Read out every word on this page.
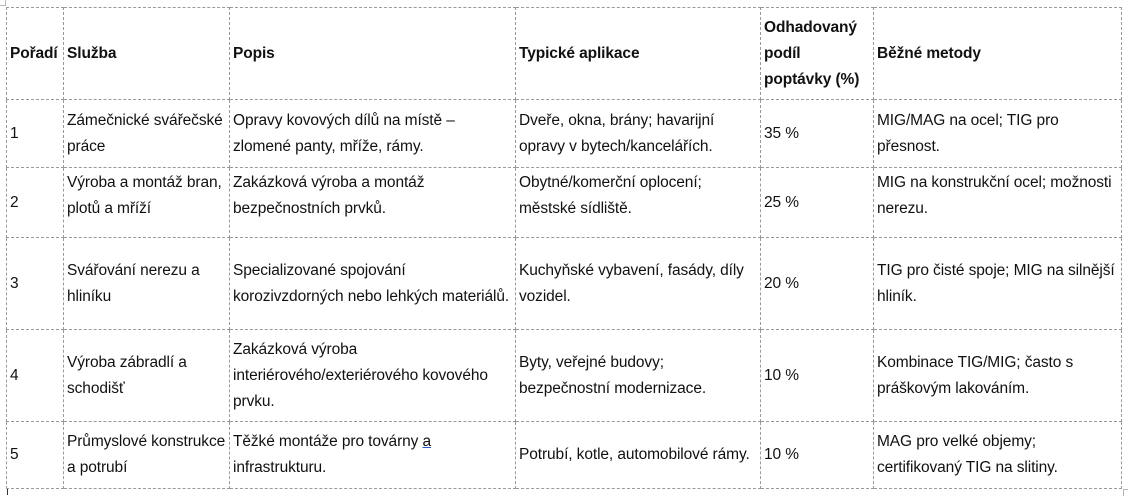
Pořadí	Služba	Popis	Typické aplikace	Odhadovaný podíl poptávky (%)	Běžné metody
1	Zámečnické svářečské práce	Opravy kovových dílů na místě – zlomené panty, mříže, rámy.	Dveře, okna, brány; havarijní opravy v bytech/kancelářích.	35 %	MIG/MAG na ocel; TIG pro přesnost.
2	Výroba a montáž bran, plotů a mříží	Zakázková výroba a montáž bezpečnostních prvků.	Obytné/komerční oplocení; městské sídliště.	25 %	MIG na konstrukční ocel; možnosti nerezu.
3	Svářování nerezu a hliníku	Specializované spojování korozivzdorných nebo lehkých materiálů.	Kuchyňské vybavení, fasády, díly vozidel.	20 %	TIG pro čisté spoje; MIG na silnější hliník.
4	Výroba zábradlí a schodišť	Zakázková výroba interiérového/exteriérového kovového prvku.	Byty, veřejné budovy; bezpečnostní modernizace.	10 %	Kombinace TIG/MIG; často s práškovým lakováním.
5	Průmyslové konstrukce a potrubí	Těžké montáže pro továrny a infrastrukturu.	Potrubí, kotle, automobilové rámy.	10 %	MAG pro velké objemy; certifikovaný TIG na slitiny.
